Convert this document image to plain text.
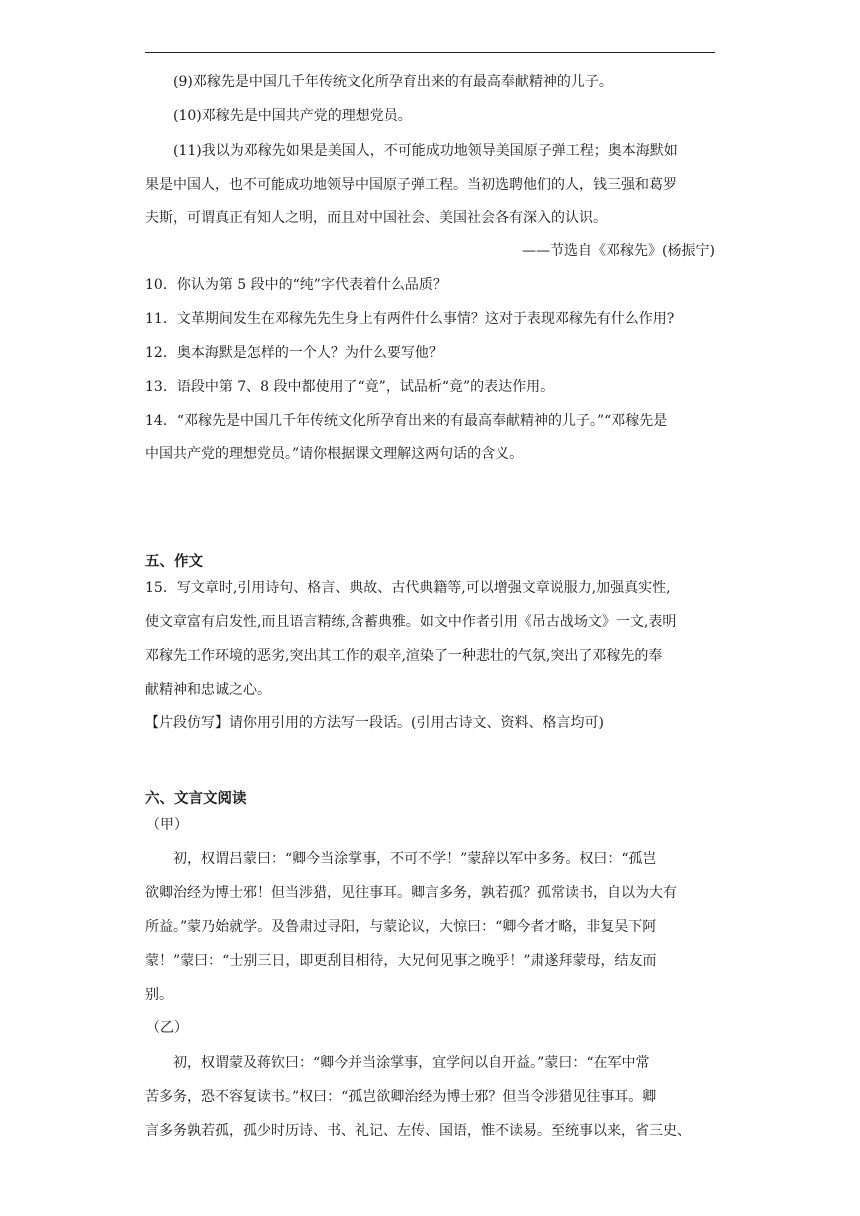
(9)邓稼先是中国几千年传统文化所孕育出来的有最高奉献精神的儿子。
(10)邓稼先是中国共产党的理想党员。
(11)我以为邓稼先如果是美国人，不可能成功地领导美国原子弹工程；奥本海默如
果是中国人，也不可能成功地领导中国原子弹工程。当初选聘他们的人，钱三强和葛罗
夫斯，可谓真正有知人之明，而且对中国社会、美国社会各有深入的认识。
——节选自《邓稼先》(杨振宁)
10．你认为第 5 段中的“纯”字代表着什么品质？
11．文革期间发生在邓稼先先生身上有两件什么事情？这对于表现邓稼先有什么作用?
12．奥本海默是怎样的一个人？为什么要写他？
13．语段中第 7、8 段中都使用了“竟”，试品析“竟”的表达作用。
14．“邓稼先是中国几千年传统文化所孕育出来的有最高奉献精神的儿子。”“邓稼先是
中国共产党的理想党员。”请你根据课文理解这两句话的含义。
五、作文
15．写文章时,引用诗句、格言、典故、古代典籍等,可以增强文章说服力,加强真实性,
使文章富有启发性,而且语言精练,含蓄典雅。如文中作者引用《吊古战场文》一文,表明
邓稼先工作环境的恶劣,突出其工作的艰辛,渲染了一种悲壮的气氛,突出了邓稼先的奉
献精神和忠诚之心。
【片段仿写】请你用引用的方法写一段话。(引用古诗文、资料、格言均可)
六、文言文阅读
（甲）
初，权谓吕蒙曰：“卿今当涂掌事，不可不学！”蒙辞以军中多务。权曰：“孤岂
欲卿治经为博士邪！但当涉猎，见往事耳。卿言多务，孰若孤？孤常读书，自以为大有
所益。”蒙乃始就学。及鲁肃过寻阳，与蒙论议，大惊曰：“卿今者才略，非复吴下阿
蒙！”蒙曰：“士别三日，即更刮目相待，大兄何见事之晚乎！”肃遂拜蒙母，结友而
别。
（乙）
初，权谓蒙及蒋钦曰：“卿今并当涂掌事，宜学问以自开益。”蒙曰：“在军中常
苦多务，恐不容复读书。”权曰：“孤岂欲卿治经为博士邪？但当令涉猎见往事耳。卿
言多务孰若孤，孤少时历诗、书、礼记、左传、国语，惟不读易。至统事以来，省三史、
